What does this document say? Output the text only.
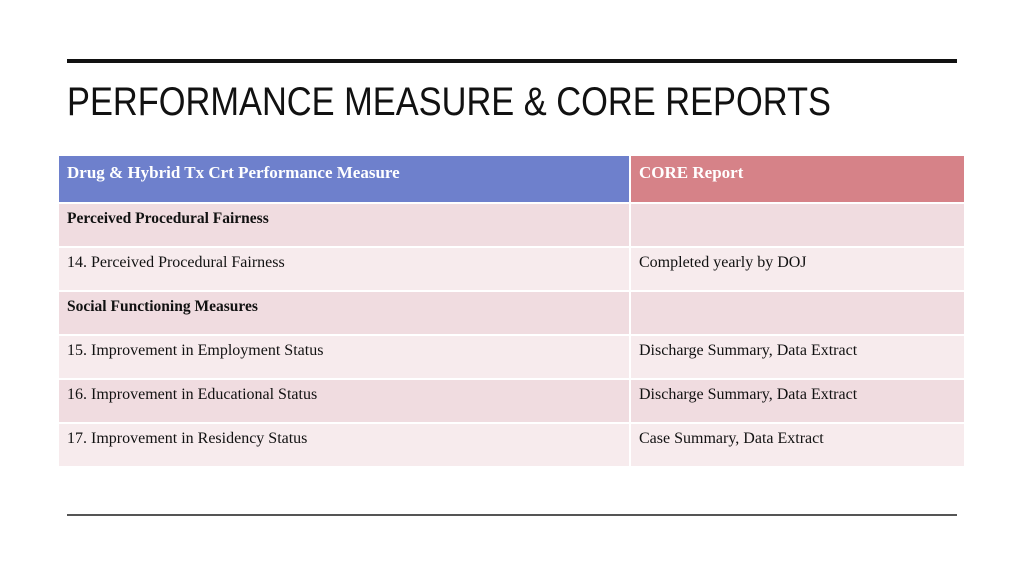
PERFORMANCE MEASURE & CORE REPORTS
Drug & Hybrid Tx Crt Performance Measure	CORE Report
Perceived Procedural Fairness	
14. Perceived Procedural Fairness	Completed yearly by DOJ
Social Functioning Measures	
15. Improvement in Employment Status	Discharge Summary, Data Extract
16. Improvement in Educational Status	Discharge Summary, Data Extract
17. Improvement in Residency Status	Case Summary, Data Extract
